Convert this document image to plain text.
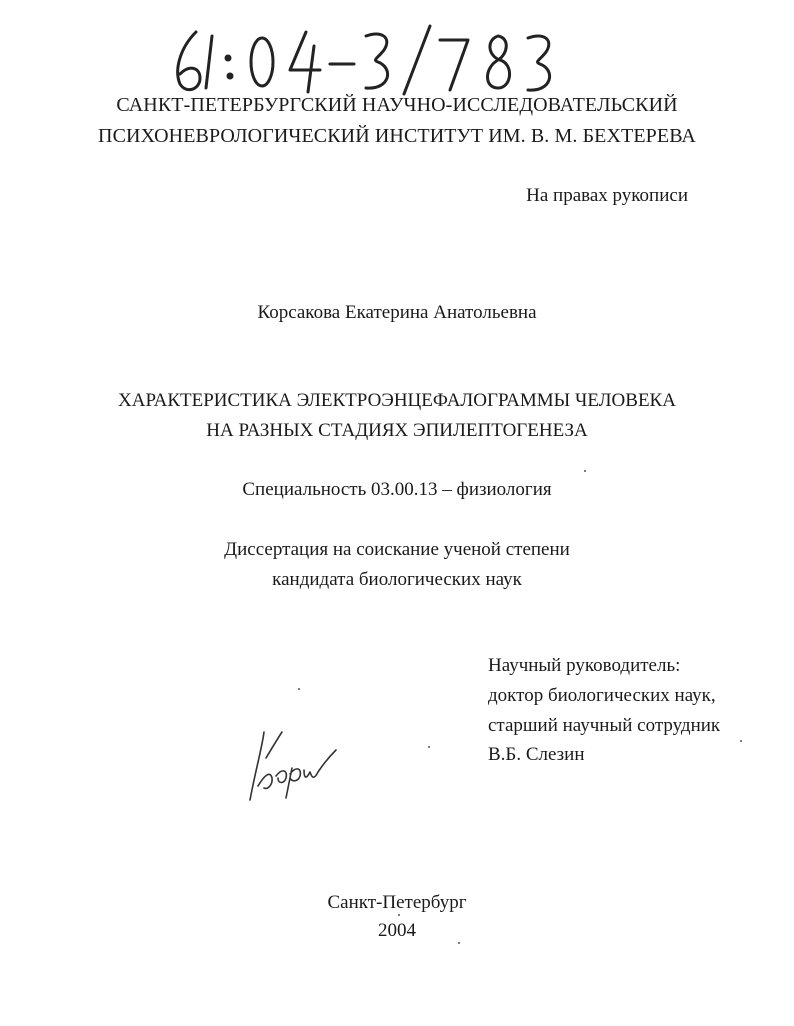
САНКТ-ПЕТЕРБУРГСКИЙ НАУЧНО-ИССЛЕДОВАТЕЛЬСКИЙ
ПСИХОНЕВРОЛОГИЧЕСКИЙ ИНСТИТУТ ИМ. В. М. БЕХТЕРЕВА
На правах рукописи
Корсакова Екатерина Анатольевна
ХАРАКТЕРИСТИКА ЭЛЕКТРОЭНЦЕФАЛОГРАММЫ ЧЕЛОВЕКА
НА РАЗНЫХ СТАДИЯХ ЭПИЛЕПТОГЕНЕЗА
Специальность 03.00.13 – физиология
Диссертация на соискание ученой степени
кандидата биологических наук
Научный руководитель:
доктор биологических наук,
старший научный сотрудник
В.Б. Слезин
Санкт-Петербург
2004
